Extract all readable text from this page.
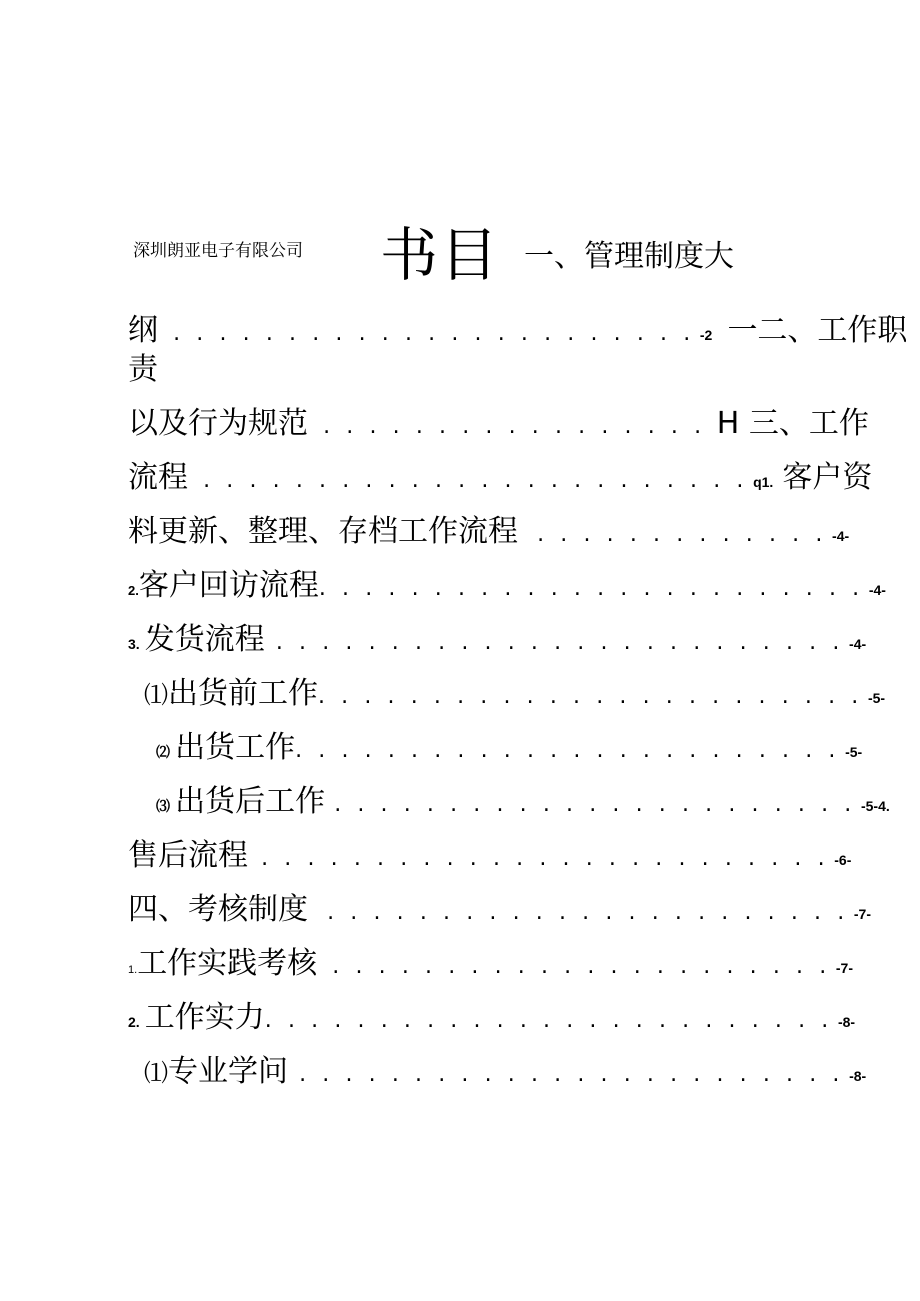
深圳朗亚电子有限公司 书目 一、管理制度大
纲 . . . . . . . . . . . . . . . . . . . . . . . -2 一二、工作职
责
以及行为规范 . . . . . . . . . . . . . . . . . H 三、工作
流程 . . . . . . . . . . . . . . . . . . . . . . . . q1. 客户资
料更新、整理、存档工作流程 . . . . . . . . . . . . . -4-
2.客户回访流程. . . . . . . . . . . . . . . . . . . . . . . . -4-
3. 发货流程 . . . . . . . . . . . . . . . . . . . . . . . . . -4-
⑴出货前工作. . . . . . . . . . . . . . . . . . . . . . . . -5-
⑵ 出货工作. . . . . . . . . . . . . . . . . . . . . . . . -5-
⑶ 出货后工作 . . . . . . . . . . . . . . . . . . . . . . . -5-4.
售后流程 . . . . . . . . . . . . . . . . . . . . . . . . . -6-
四、考核制度 . . . . . . . . . . . . . . . . . . . . . . . -7-
1.工作实践考核 . . . . . . . . . . . . . . . . . . . . . . -7-
2. 工作实力. . . . . . . . . . . . . . . . . . . . . . . . . -8-
⑴专业学问 . . . . . . . . . . . . . . . . . . . . . . . . -8-
